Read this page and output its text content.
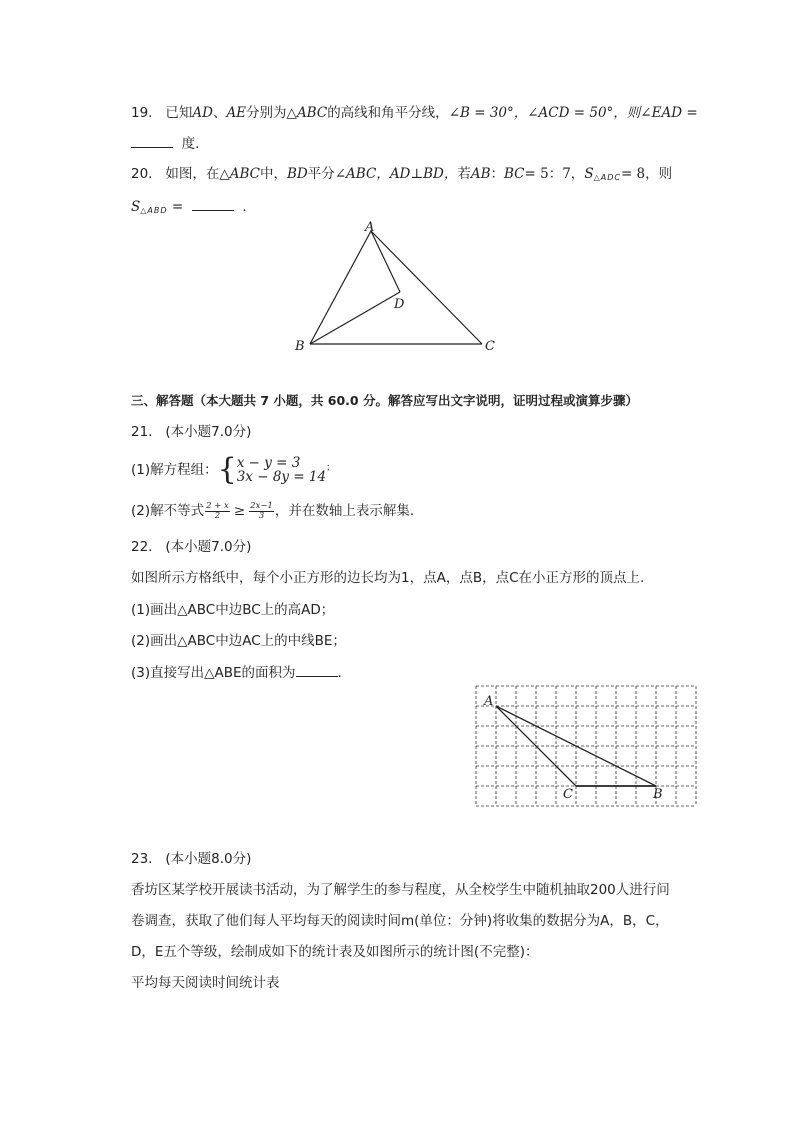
19. 已知AD、AE分别为△ABC的高线和角平分线，∠B = 30°，∠ACD = 50°，则∠EAD =
度.
20. 如图，在△ABC中，BD平分∠ABC，AD⊥BD，若AB：BC= 5：7，$S_{\triangle ADC}= 8$，则
$S_{\triangle ABD}$ =	.
A
B	C
D
三、解答题（本大题共 7 小题，共 60.0 分。解答应写出文字说明，证明过程或演算步骤）
21. (本小题7.0分)
(1)解方程组：{ x − y = 3
3x − 8y = 14
；
(2)解不等式 $\frac{2 + x}{2} \ge \frac{2x-1}{3}$ ，并在数轴上表示解集.
22. (本小题7.0分)
如图所示方格纸中，每个小正方形的边长均为1，点A，点B，点C在小正方形的顶点上.
(1)画出△ABC中边BC上的高AD；
(2)画出△ABC中边AC上的中线BE；
(3)直接写出△ABE的面积为	.
A
C	B
23. (本小题8.0分)
香坊区某学校开展读书活动，为了解学生的参与程度，从全校学生中随机抽取200人进行问
卷调查，获取了他们每人平均每天的阅读时间m(单位：分钟)将收集的数据分为A，B，C，
D，E五个等级，绘制成如下的统计表及如图所示的统计图(不完整)：
平均每天阅读时间统计表
